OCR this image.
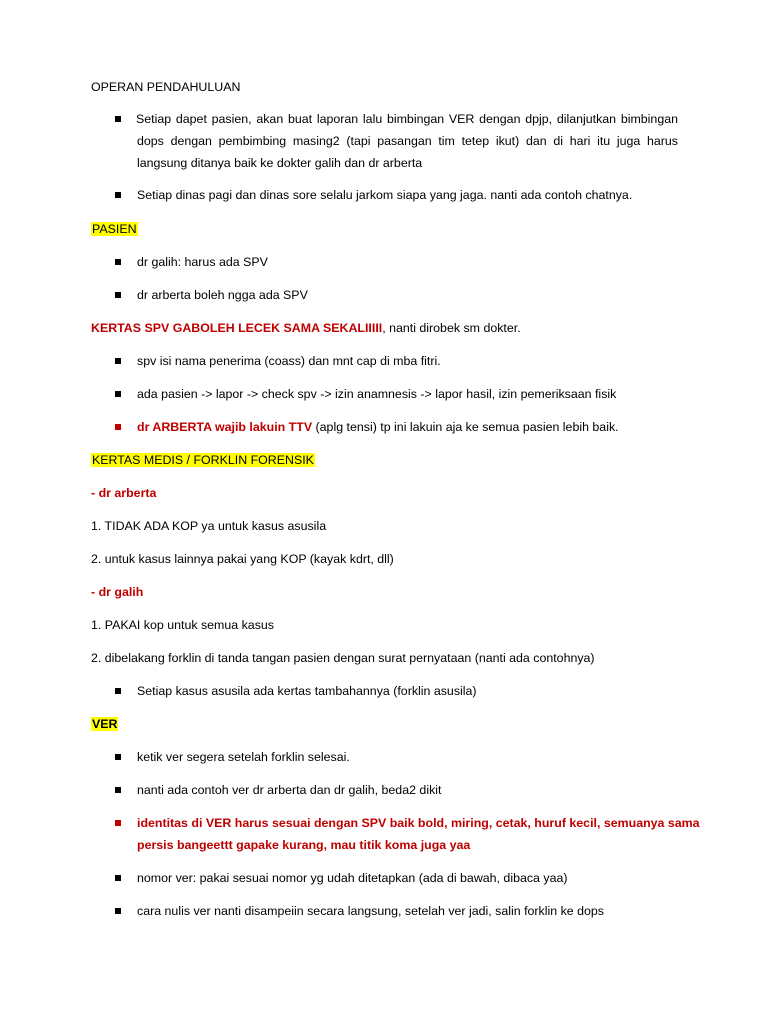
OPERAN PENDAHULUAN
Setiap dapet pasien, akan buat laporan lalu bimbingan VER dengan dpjp, dilanjutkan bimbingan
dops dengan pembimbing masing2 (tapi pasangan tim tetep ikut) dan di hari itu juga harus
langsung ditanya baik ke dokter galih dan dr arberta
Setiap dinas pagi dan dinas sore selalu jarkom siapa yang jaga. nanti ada contoh chatnya.
PASIEN
dr galih: harus ada SPV
dr arberta boleh ngga ada SPV
KERTAS SPV GABOLEH LECEK SAMA SEKALIIIII, nanti dirobek sm dokter.
spv isi nama penerima (coass) dan mnt cap di mba fitri.
ada pasien -> lapor -> check spv -> izin anamnesis -> lapor hasil, izin pemeriksaan fisik
dr ARBERTA wajib lakuin TTV (aplg tensi) tp ini lakuin aja ke semua pasien lebih baik.
KERTAS MEDIS / FORKLIN FORENSIK
- dr arberta
1. TIDAK ADA KOP ya untuk kasus asusila
2. untuk kasus lainnya pakai yang KOP (kayak kdrt, dll)
- dr galih
1. PAKAI kop untuk semua kasus
2. dibelakang forklin di tanda tangan pasien dengan surat pernyataan (nanti ada contohnya)
Setiap kasus asusila ada kertas tambahannya (forklin asusila)
VER
ketik ver segera setelah forklin selesai.
nanti ada contoh ver dr arberta dan dr galih, beda2 dikit
identitas di VER harus sesuai dengan SPV baik bold, miring, cetak, huruf kecil, semuanya sama
persis bangeettt gapake kurang, mau titik koma juga yaa
nomor ver: pakai sesuai nomor yg udah ditetapkan (ada di bawah, dibaca yaa)
cara nulis ver nanti disampeiin secara langsung, setelah ver jadi, salin forklin ke dops
